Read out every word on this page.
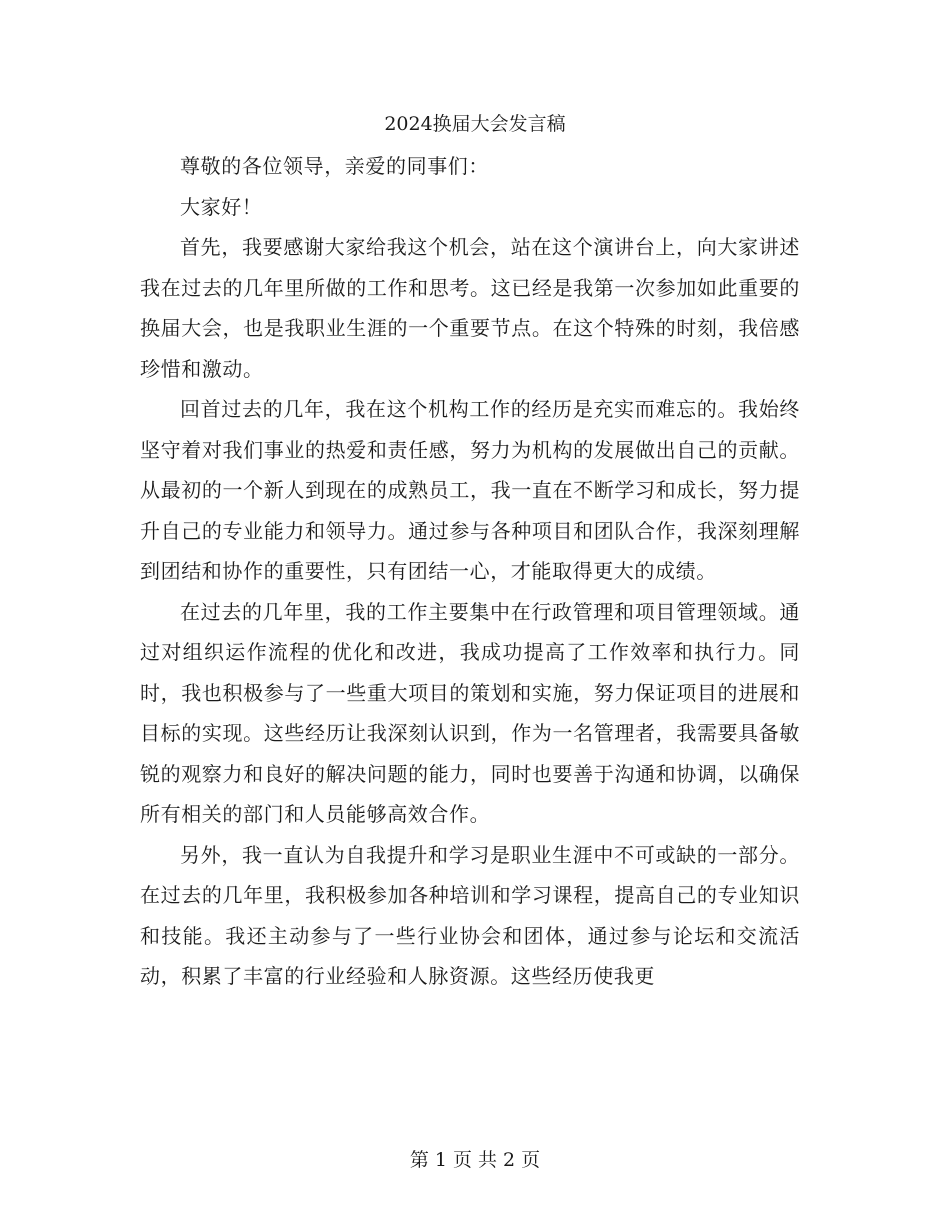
2024换届大会发言稿

尊敬的各位领导，亲爱的同事们：

大家好！

首先，我要感谢大家给我这个机会，站在这个演讲台上，向大家讲述我在过去的几年里所做的工作和思考。这已经是我第一次参加如此重要的换届大会，也是我职业生涯的一个重要节点。在这个特殊的时刻，我倍感珍惜和激动。

回首过去的几年，我在这个机构工作的经历是充实而难忘的。我始终坚守着对我们事业的热爱和责任感，努力为机构的发展做出自己的贡献。从最初的一个新人到现在的成熟员工，我一直在不断学习和成长，努力提升自己的专业能力和领导力。通过参与各种项目和团队合作，我深刻理解到团结和协作的重要性，只有团结一心，才能取得更大的成绩。

在过去的几年里，我的工作主要集中在行政管理和项目管理领域。通过对组织运作流程的优化和改进，我成功提高了工作效率和执行力。同时，我也积极参与了一些重大项目的策划和实施，努力保证项目的进展和目标的实现。这些经历让我深刻认识到，作为一名管理者，我需要具备敏锐的观察力和良好的解决问题的能力，同时也要善于沟通和协调，以确保所有相关的部门和人员能够高效合作。

另外，我一直认为自我提升和学习是职业生涯中不可或缺的一部分。在过去的几年里，我积极参加各种培训和学习课程，提高自己的专业知识和技能。我还主动参与了一些行业协会和团体，通过参与论坛和交流活动，积累了丰富的行业经验和人脉资源。这些经历使我更

第 1 页 共 2 页
